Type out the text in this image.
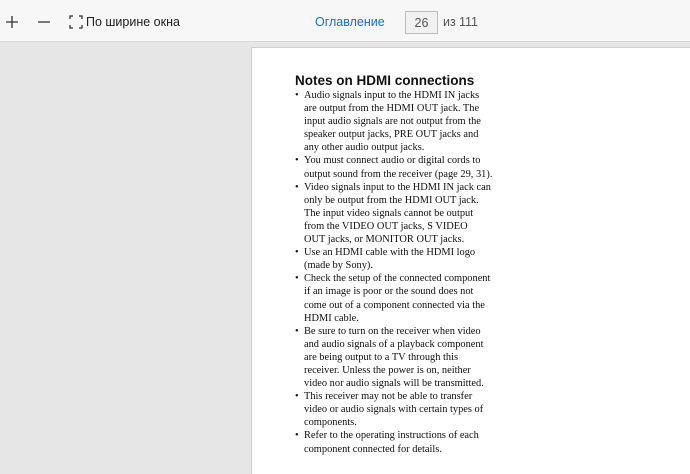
По ширине окна	Оглавление
26	из 111
Notes on HDMI connections
• Audio signals input to the HDMI IN jacks
are output from the HDMI OUT jack. The
input audio signals are not output from the
speaker output jacks, PRE OUT jacks and
any other audio output jacks.
• You must connect audio or digital cords to
output sound from the receiver (page 29, 31).
• Video signals input to the HDMI IN jack can
only be output from the HDMI OUT jack.
The input video signals cannot be output
from the VIDEO OUT jacks, S VIDEO
OUT jacks, or MONITOR OUT jacks.
• Use an HDMI cable with the HDMI logo
(made by Sony).
• Check the setup of the connected component
if an image is poor or the sound does not
come out of a component connected via the
HDMI cable.
• Be sure to turn on the receiver when video
and audio signals of a playback component
are being output to a TV through this
receiver. Unless the power is on, neither
video nor audio signals will be transmitted.
• This receiver may not be able to transfer
video or audio signals with certain types of
components.
• Refer to the operating instructions of each
component connected for details.
